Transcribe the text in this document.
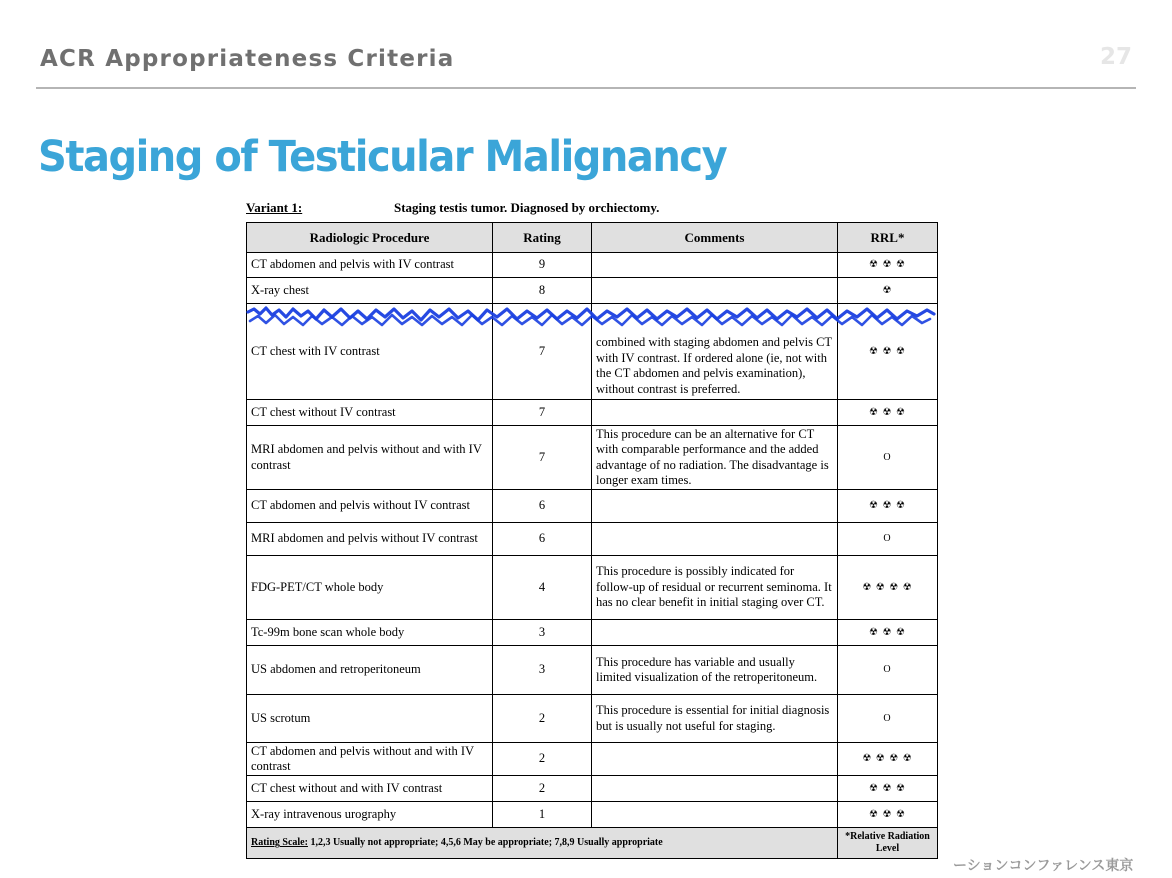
ACR Appropriateness Criteria	27
Staging of Testicular Malignancy
Variant 1:	Staging testis tumor. Diagnosed by orchiectomy.
Radiologic Procedure	Rating	Comments	RRL*
CT abdomen and pelvis with IV contrast	9		☢ ☢ ☢
X-ray chest	8		☢
CT chest with IV contrast	7	combined with staging abdomen and pelvis CT with IV contrast. If ordered alone (ie, not with the CT abdomen and pelvis examination), without contrast is preferred.	☢ ☢ ☢
CT chest without IV contrast	7		☢ ☢ ☢
MRI abdomen and pelvis without and with IV contrast	7	This procedure can be an alternative for CT with comparable performance and the added advantage of no radiation. The disadvantage is longer exam times.	O
CT abdomen and pelvis without IV contrast	6		☢ ☢ ☢
MRI abdomen and pelvis without IV contrast	6		O
FDG-PET/CT whole body	4	This procedure is possibly indicated for follow-up of residual or recurrent seminoma. It has no clear benefit in initial staging over CT.	☢ ☢ ☢ ☢
Tc-99m bone scan whole body	3		☢ ☢ ☢
US abdomen and retroperitoneum	3	This procedure has variable and usually limited visualization of the retroperitoneum.	O
US scrotum	2	This procedure is essential for initial diagnosis but is usually not useful for staging.	O
CT abdomen and pelvis without and with IV contrast	2		☢ ☢ ☢ ☢
CT chest without and with IV contrast	2		☢ ☢ ☢
X-ray intravenous urography	1		☢ ☢ ☢
Rating Scale: 1,2,3 Usually not appropriate; 4,5,6 May be appropriate; 7,8,9 Usually appropriate			*Relative Radiation Level
ーションコンファレンス東京
